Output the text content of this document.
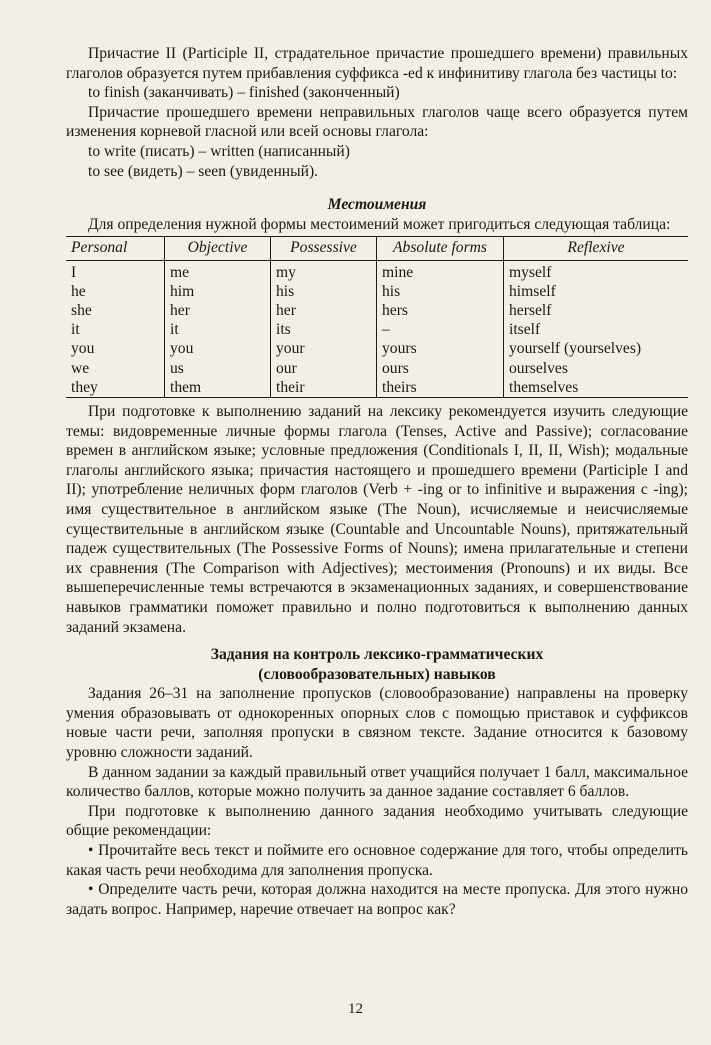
Причастие II (Participle II, страдательное причастие прошедшего времени) правильных глаголов образуется путем прибавления суффикса -ed к инфинитиву глагола без частицы to:

to finish (заканчивать) – finished (законченный)

Причастие прошедшего времени неправильных глаголов чаще всего образуется путем изменения корневой гласной или всей основы глагола:

to write (писать) – written (написанный)

to see (видеть) – seen (увиденный).

Местоимения

Для определения нужной формы местоимений может пригодиться следующая таблица:

Personal	Objective	Possessive	Absolute forms	Reflexive
I	me	my	mine	myself
he	him	his	his	himself
she	her	her	hers	herself
it	it	its	–	itself
you	you	your	yours	yourself (yourselves)
we	us	our	ours	ourselves
they	them	their	theirs	themselves

При подготовке к выполнению заданий на лексику рекомендуется изучить следующие темы: видовременные личные формы глагола (Tenses, Active and Passive); согласование времен в английском языке; условные предложения (Conditionals I, II, II, Wish); модальные глаголы английского языка; причастия настоящего и прошедшего времени (Participle I and II); употребление неличных форм глаголов (Verb + -ing or to infinitive и выражения с -ing); имя существительное в английском языке (The Noun), исчисляемые и неисчисляемые существительные в английском языке (Countable and Uncountable Nouns), притяжательный падеж существительных (The Possessive Forms of Nouns); имена прилагательные и степени их сравнения (The Comparison with Adjectives); местоимения (Pronouns) и их виды. Все вышеперечисленные темы встречаются в экзаменационных заданиях, и совершенствование навыков грамматики поможет правильно и полно подготовиться к выполнению данных заданий экзамена.

Задания на контроль лексико-грамматических
(словообразовательных) навыков

Задания 26–31 на заполнение пропусков (словообразование) направлены на проверку умения образовывать от однокоренных опорных слов с помощью приставок и суффиксов новые части речи, заполняя пропуски в связном тексте. Задание относится к базовому уровню сложности заданий.

В данном задании за каждый правильный ответ учащийся получает 1 балл, максимальное количество баллов, которые можно получить за данное задание составляет 6 баллов.

При подготовке к выполнению данного задания необходимо учитывать следующие общие рекомендации:

• Прочитайте весь текст и поймите его основное содержание для того, чтобы определить какая часть речи необходима для заполнения пропуска.

• Определите часть речи, которая должна находится на месте пропуска. Для этого нужно задать вопрос. Например, наречие отвечает на вопрос как?

12
